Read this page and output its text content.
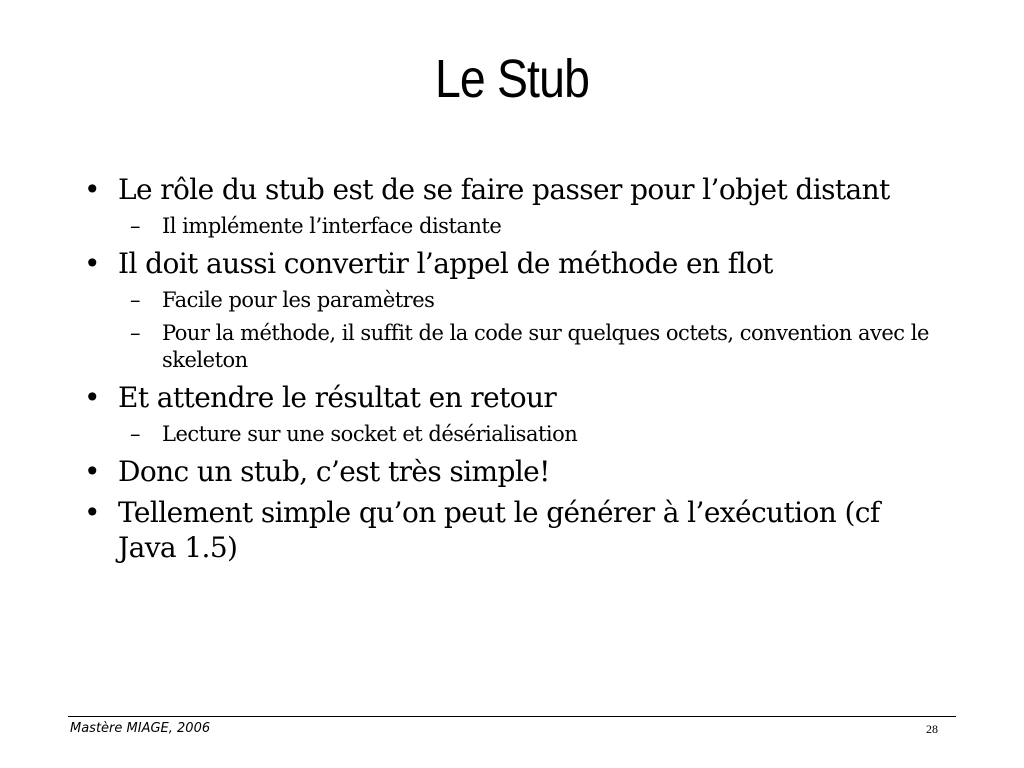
Le Stub
• Le rôle du stub est de se faire passer pour l’objet distant
– Il implémente l’interface distante
• Il doit aussi convertir l’appel de méthode en flot
– Facile pour les paramètres
– Pour la méthode, il suffit de la code sur quelques octets, convention avec le skeleton
• Et attendre le résultat en retour
– Lecture sur une socket et désérialisation
• Donc un stub, c’est très simple!
• Tellement simple qu’on peut le générer à l’exécution (cf Java 1.5)
Mastère MIAGE, 2006	28
